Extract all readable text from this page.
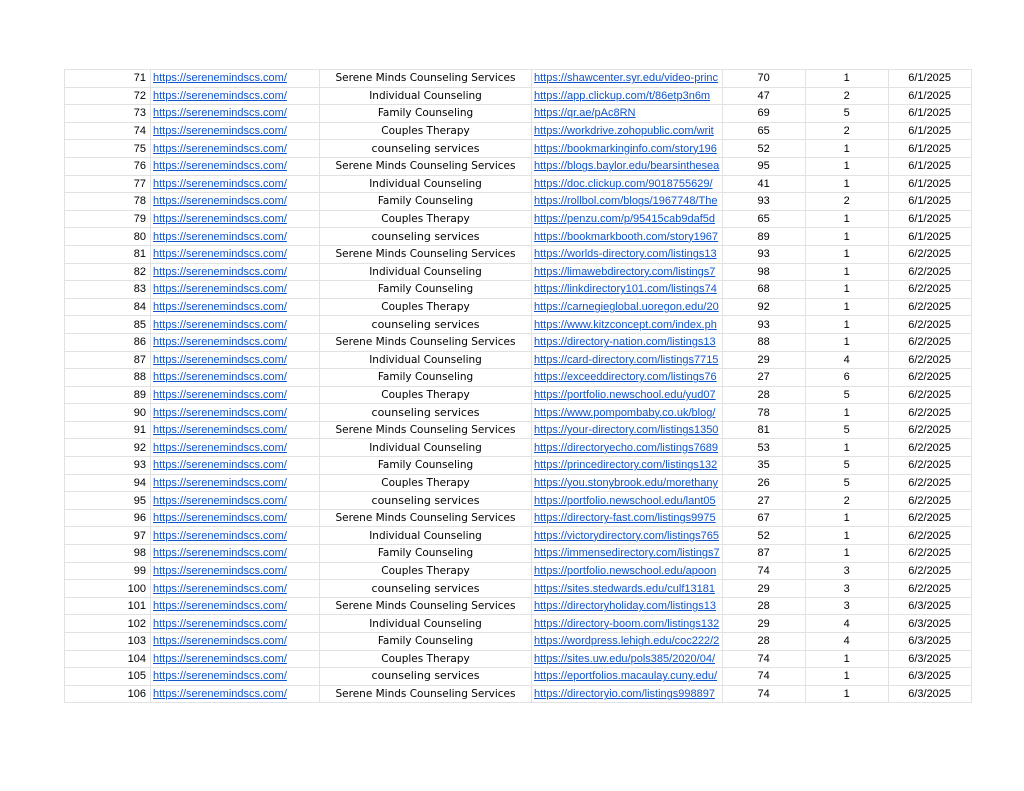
71	https://serenemindscs.com/	Serene Minds Counseling Services	https://shawcenter.syr.edu/video-princ	70	1	6/1/2025
72	https://serenemindscs.com/	Individual Counseling	https://app.clickup.com/t/86etp3n6m	47	2	6/1/2025
73	https://serenemindscs.com/	Family Counseling	https://qr.ae/pAc8RN	69	5	6/1/2025
74	https://serenemindscs.com/	Couples Therapy	https://workdrive.zohopublic.com/writ	65	2	6/1/2025
75	https://serenemindscs.com/	counseling services	https://bookmarkinginfo.com/story196	52	1	6/1/2025
76	https://serenemindscs.com/	Serene Minds Counseling Services	https://blogs.baylor.edu/bearsinthesea	95	1	6/1/2025
77	https://serenemindscs.com/	Individual Counseling	https://doc.clickup.com/9018755629/	41	1	6/1/2025
78	https://serenemindscs.com/	Family Counseling	https://rollbol.com/blogs/1967748/The	93	2	6/1/2025
79	https://serenemindscs.com/	Couples Therapy	https://penzu.com/p/95415cab9daf5d	65	1	6/1/2025
80	https://serenemindscs.com/	counseling services	https://bookmarkbooth.com/story1967	89	1	6/1/2025
81	https://serenemindscs.com/	Serene Minds Counseling Services	https://worlds-directory.com/listings13	93	1	6/2/2025
82	https://serenemindscs.com/	Individual Counseling	https://limawebdirectory.com/listings7	98	1	6/2/2025
83	https://serenemindscs.com/	Family Counseling	https://linkdirectory101.com/listings74	68	1	6/2/2025
84	https://serenemindscs.com/	Couples Therapy	https://carnegieglobal.uoregon.edu/20	92	1	6/2/2025
85	https://serenemindscs.com/	counseling services	https://www.kitzconcept.com/index.ph	93	1	6/2/2025
86	https://serenemindscs.com/	Serene Minds Counseling Services	https://directory-nation.com/listings13	88	1	6/2/2025
87	https://serenemindscs.com/	Individual Counseling	https://card-directory.com/listings7715	29	4	6/2/2025
88	https://serenemindscs.com/	Family Counseling	https://exceeddirectory.com/listings76	27	6	6/2/2025
89	https://serenemindscs.com/	Couples Therapy	https://portfolio.newschool.edu/yud07	28	5	6/2/2025
90	https://serenemindscs.com/	counseling services	https://www.pompombaby.co.uk/blog/	78	1	6/2/2025
91	https://serenemindscs.com/	Serene Minds Counseling Services	https://your-directory.com/listings1350	81	5	6/2/2025
92	https://serenemindscs.com/	Individual Counseling	https://directoryecho.com/listings7689	53	1	6/2/2025
93	https://serenemindscs.com/	Family Counseling	https://princedirectory.com/listings132	35	5	6/2/2025
94	https://serenemindscs.com/	Couples Therapy	https://you.stonybrook.edu/morethany	26	5	6/2/2025
95	https://serenemindscs.com/	counseling services	https://portfolio.newschool.edu/lant05	27	2	6/2/2025
96	https://serenemindscs.com/	Serene Minds Counseling Services	https://directory-fast.com/listings9975	67	1	6/2/2025
97	https://serenemindscs.com/	Individual Counseling	https://victorydirectory.com/listings765	52	1	6/2/2025
98	https://serenemindscs.com/	Family Counseling	https://immensedirectory.com/listings7	87	1	6/2/2025
99	https://serenemindscs.com/	Couples Therapy	https://portfolio.newschool.edu/apoon	74	3	6/2/2025
100	https://serenemindscs.com/	counseling services	https://sites.stedwards.edu/culf13181	29	3	6/2/2025
101	https://serenemindscs.com/	Serene Minds Counseling Services	https://directoryholiday.com/listings13	28	3	6/3/2025
102	https://serenemindscs.com/	Individual Counseling	https://directory-boom.com/listings132	29	4	6/3/2025
103	https://serenemindscs.com/	Family Counseling	https://wordpress.lehigh.edu/coc222/2	28	4	6/3/2025
104	https://serenemindscs.com/	Couples Therapy	https://sites.uw.edu/pols385/2020/04/	74	1	6/3/2025
105	https://serenemindscs.com/	counseling services	https://eportfolios.macaulay.cuny.edu/	74	1	6/3/2025
106	https://serenemindscs.com/	Serene Minds Counseling Services	https://directoryio.com/listings998897	74	1	6/3/2025
